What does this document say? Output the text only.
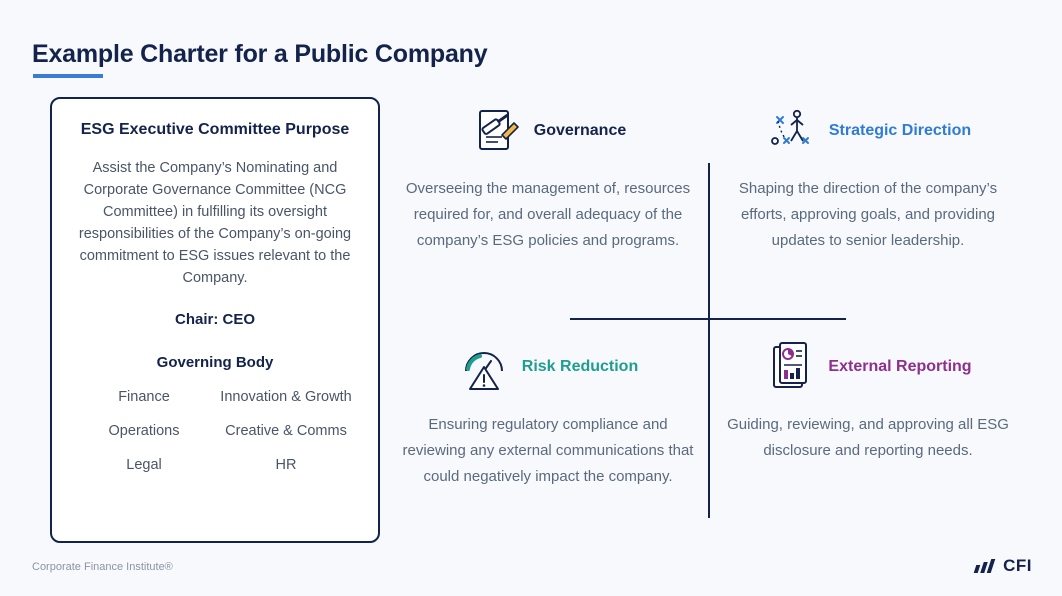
Example Charter for a Public Company
ESG Executive Committee Purpose
Assist the Company’s Nominating and Corporate Governance Committee (NCG Committee) in fulfilling its oversight responsibilities of the Company’s on-going commitment to ESG issues relevant to the Company.
Chair: CEO
Governing Body
Finance	Innovation & Growth
Operations	Creative & Comms
Legal	HR
Governance
Overseeing the management of, resources required for, and overall adequacy of the company’s ESG policies and programs.
Strategic Direction
Shaping the direction of the company’s efforts, approving goals, and providing updates to senior leadership.
Risk Reduction
Ensuring regulatory compliance and reviewing any external communications that could negatively impact the company.
External Reporting
Guiding, reviewing, and approving all ESG disclosure and reporting needs.
Corporate Finance Institute®	CFI
